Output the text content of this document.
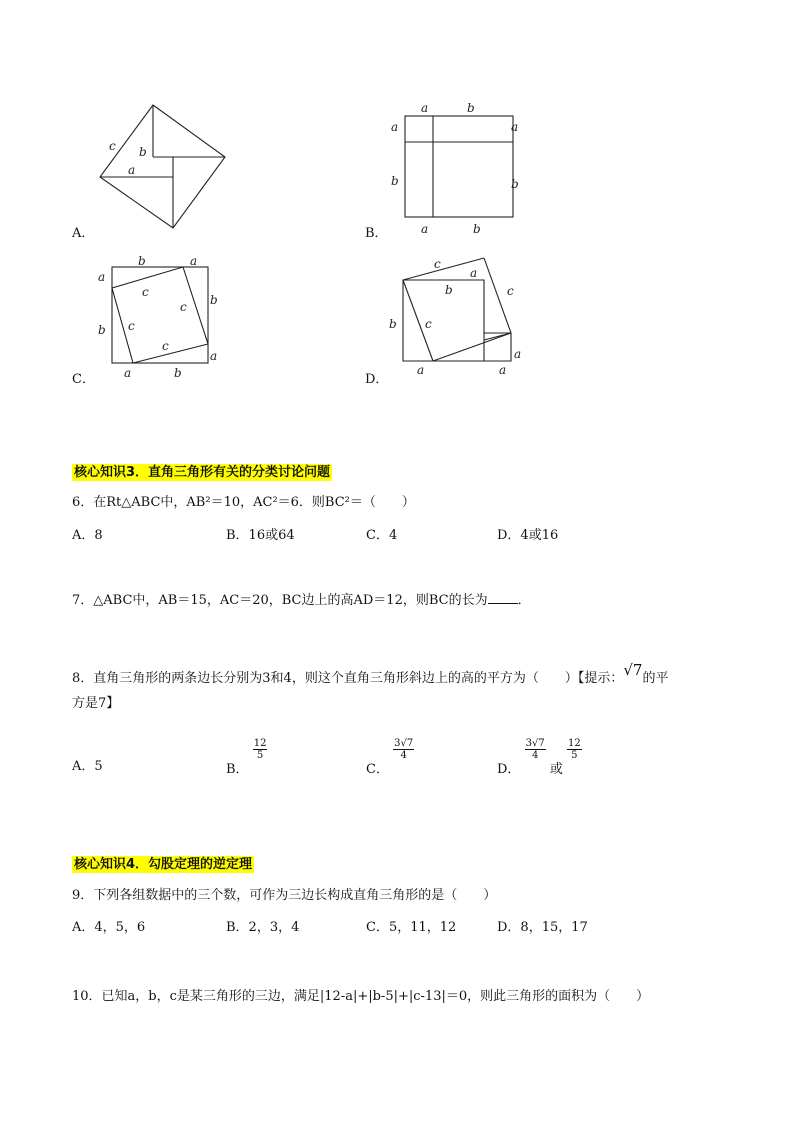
c b
a
A．
a	b
a	a
b	b
a	b
B．
b	a
a
b
c
c
c
c
b
a
a	b
C．
c
a
b	c
b c
a
a	a
D．
核心知识3．直角三角形有关的分类讨论问题
6．在Rt△ABC中，AB²＝10，AC²＝6．则BC²＝（　　）
A．8	B．16或64	C．4	D．4或16
7．△ABC中，AB＝15，AC＝20，BC边上的高AD＝12，则BC的长为 ．
8．直角三角形的两条边长分别为3和4，则这个直角三角形斜边上的高的平方为（　　）【提示：√7的平
方是7】
A．5	B．
$\frac{12}{5}$
C．
$\frac{3√7}{4}$
D．
$\frac{3√7}{4}$
或
$\frac{12}{5}$
核心知识4．勾股定理的逆定理
9．下列各组数据中的三个数，可作为三边长构成直角三角形的是（　　）
A．4，5，6	B．2，3，4	C．5，11，12	D．8，15，17
10．已知a，b，c是某三角形的三边，满足|12-a|+|b-5|+|c-13|＝0，则此三角形的面积为（　　）
